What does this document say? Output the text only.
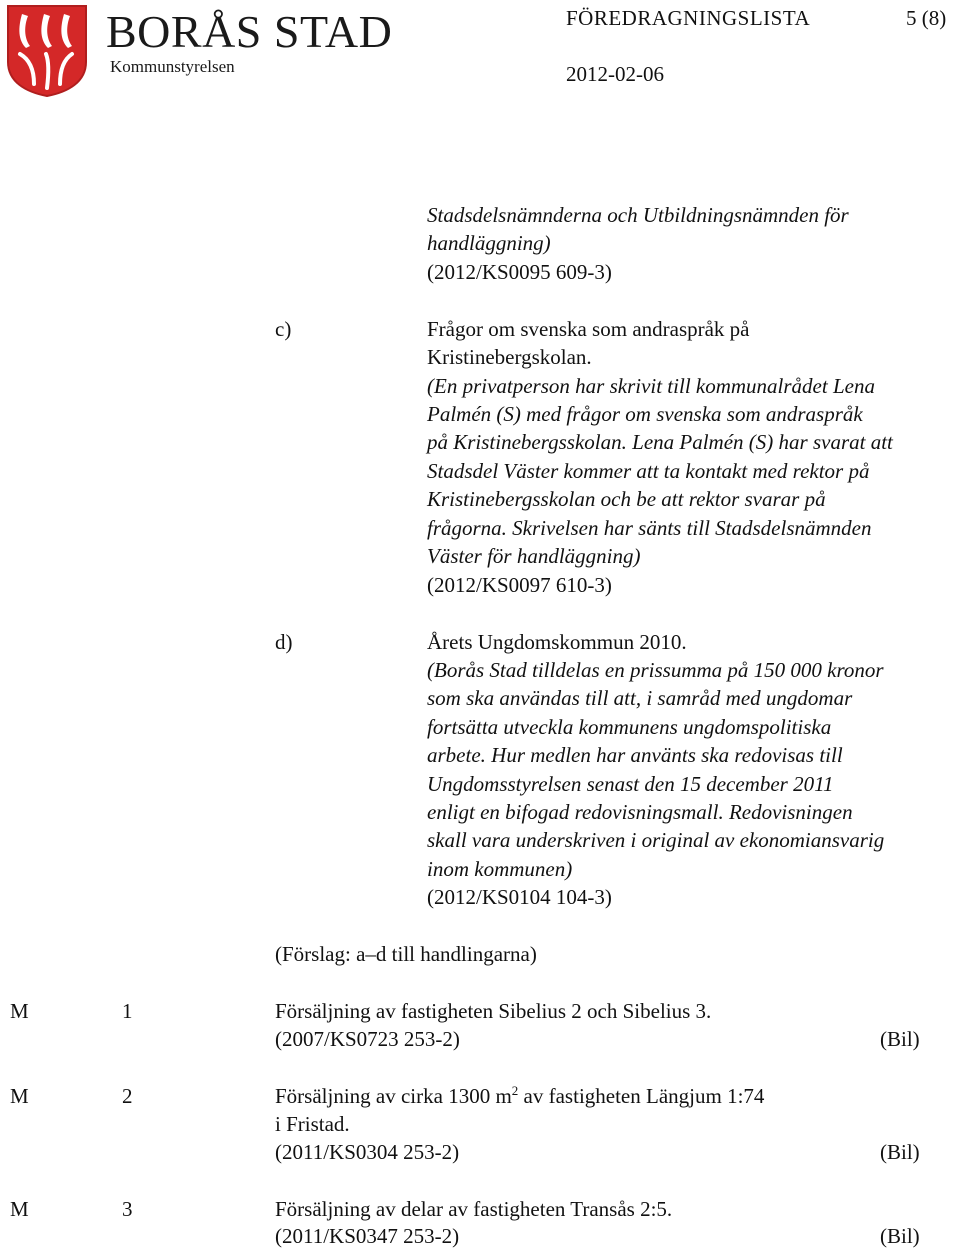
BORÅS STAD
Kommunstyrelsen
FÖREDRAGNINGSLISTA	5 (8)
2012-02-06
Stadsdelsnämnderna och Utbildningsnämnden för
handläggning)
(2012/KS0095 609-3)
c)	Frågor om svenska som andraspråk på
Kristinebergskolan.
(En privatperson har skrivit till kommunalrådet Lena
Palmén (S) med frågor om svenska som andraspråk
på Kristinebergsskolan. Lena Palmén (S) har svarat att
Stadsdel Väster kommer att ta kontakt med rektor på
Kristinebergsskolan och be att rektor svarar på
frågorna. Skrivelsen har sänts till Stadsdelsnämnden
Väster för handläggning)
(2012/KS0097 610-3)
d)	Årets Ungdomskommun 2010.
(Borås Stad tilldelas en prissumma på 150 000 kronor
som ska användas till att, i samråd med ungdomar
fortsätta utveckla kommunens ungdomspolitiska
arbete. Hur medlen har använts ska redovisas till
Ungdomsstyrelsen senast den 15 december 2011
enligt en bifogad redovisningsmall. Redovisningen
skall vara underskriven i original av ekonomiansvarig
inom kommunen)
(2012/KS0104 104-3)
(Förslag: a–d till handlingarna)
M	1	Försäljning av fastigheten Sibelius 2 och Sibelius 3.
(2007/KS0723 253-2)	(Bil)
M	2	Försäljning av cirka 1300 $m^2$ av fastigheten Längjum 1:74
i Fristad.
(2011/KS0304 253-2)	(Bil)
M	3	Försäljning av delar av fastigheten Transås 2:5.
(2011/KS0347 253-2)	(Bil)
